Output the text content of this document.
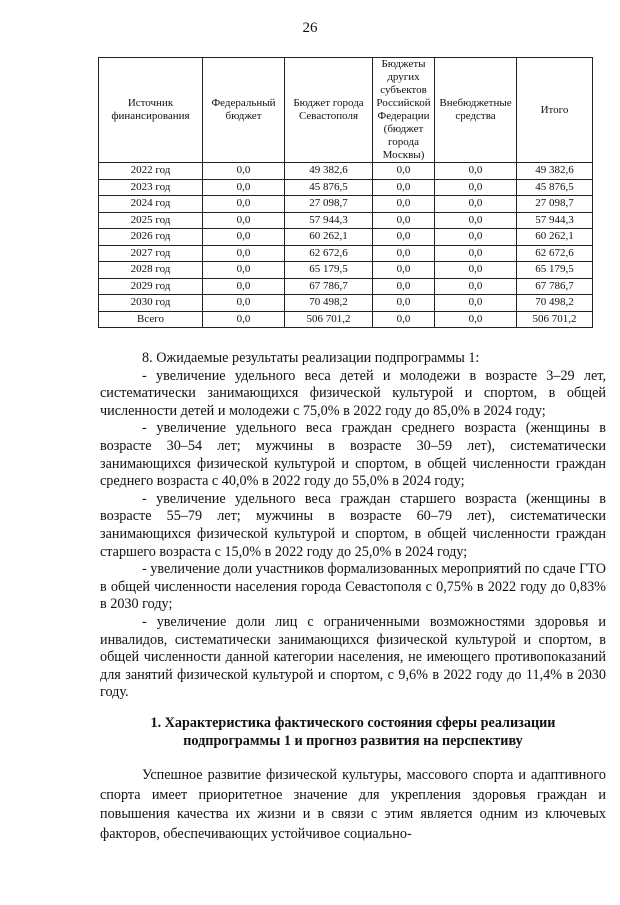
26
Источник финансирования	Федеральный бюджет	Бюджет города Севастополя	Бюджеты других субъектов Российской Федерации (бюджет города Москвы)	Внебюджетные средства	Итого
2022 год	0,0	49 382,6	0,0	0,0	49 382,6
2023 год	0,0	45 876,5	0,0	0,0	45 876,5
2024 год	0,0	27 098,7	0,0	0,0	27 098,7
2025 год	0,0	57 944,3	0,0	0,0	57 944,3
2026 год	0,0	60 262,1	0,0	0,0	60 262,1
2027 год	0,0	62 672,6	0,0	0,0	62 672,6
2028 год	0,0	65 179,5	0,0	0,0	65 179,5
2029 год	0,0	67 786,7	0,0	0,0	67 786,7
2030 год	0,0	70 498,2	0,0	0,0	70 498,2
Всего	0,0	506 701,2	0,0	0,0	506 701,2

8. Ожидаемые результаты реализации подпрограммы 1:

- увеличение удельного веса детей и молодежи в возрасте 3–29 лет, систематически занимающихся физической культурой и спортом, в общей численности детей и молодежи с 75,0% в 2022 году до 85,0% в 2024 году;

- увеличение удельного веса граждан среднего возраста (женщины в возрасте 30–54 лет; мужчины в возрасте 30–59 лет), систематически занимающихся физической культурой и спортом, в общей численности граждан среднего возраста с 40,0% в 2022 году до 55,0% в 2024 году;

- увеличение удельного веса граждан старшего возраста (женщины в возрасте 55–79 лет; мужчины в возрасте 60–79 лет), систематически занимающихся физической культурой и спортом, в общей численности граждан старшего возраста с 15,0% в 2022 году до 25,0% в 2024 году;

- увеличение доли участников формализованных мероприятий по сдаче ГТО в общей численности населения города Севастополя с 0,75% в 2022 году до 0,83% в 2030 году;

- увеличение доли лиц с ограниченными возможностями здоровья и инвалидов, систематически занимающихся физической культурой и спортом, в общей численности данной категории населения, не имеющего противопоказаний для занятий физической культурой и спортом, с 9,6% в 2022 году до 11,4% в 2030 году.

1. Характеристика фактического состояния сферы реализации
подпрограммы 1 и прогноз развития на перспективу

Успешное развитие физической культуры, массового спорта и адаптивного спорта имеет приоритетное значение для укрепления здоровья граждан и повышения качества их жизни и в связи с этим является одним из ключевых факторов, обеспечивающих устойчивое социально-
